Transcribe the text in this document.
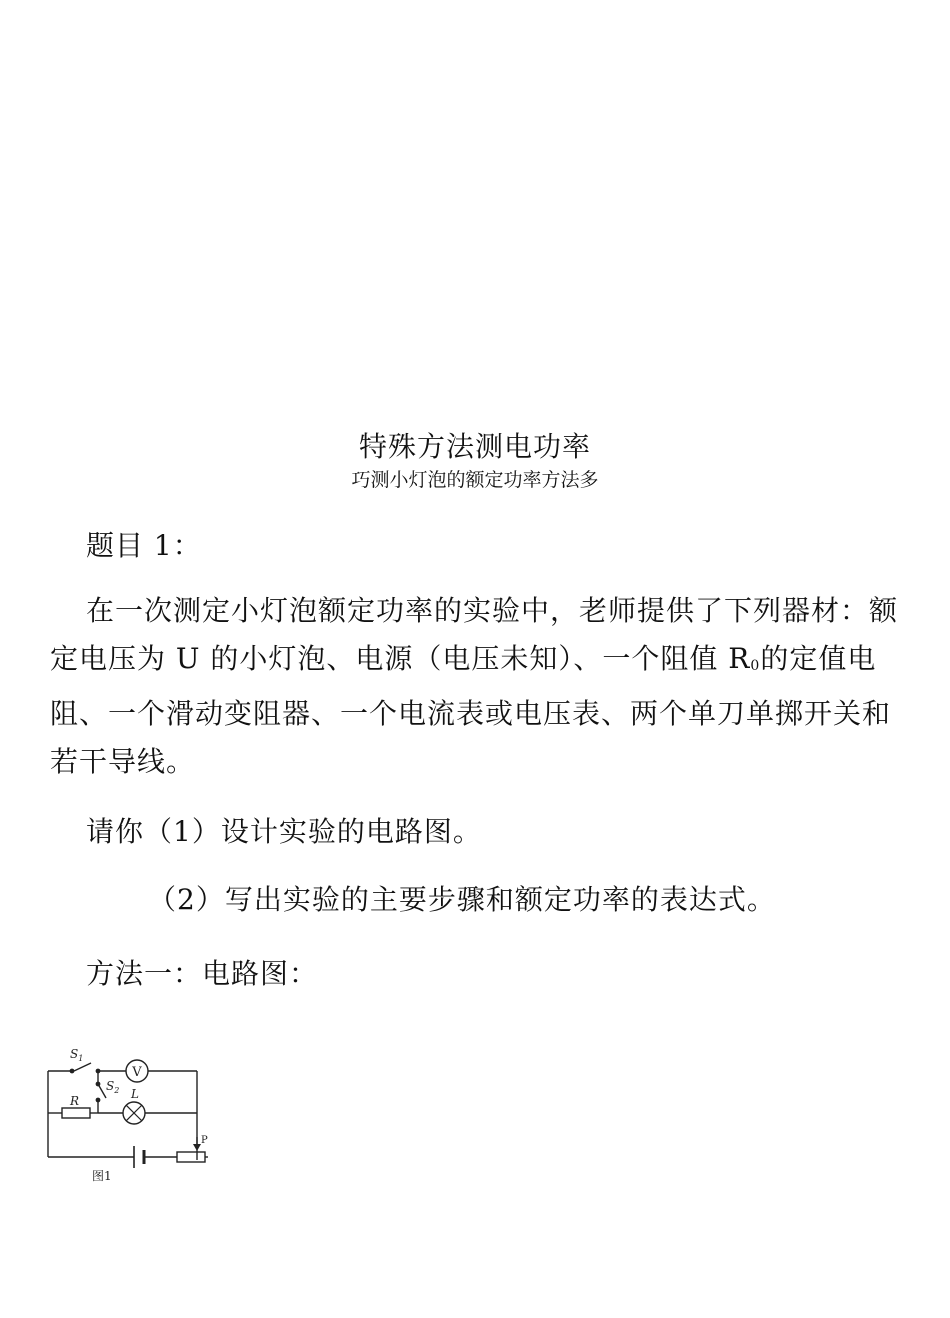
特殊方法测电功率
巧测小灯泡的额定功率方法多
题目 1：
在一次测定小灯泡额定功率的实验中，老师提供了下列器材：额定电压为 U 的小灯泡、电源（电压未知）、一个阻值 R0的定值电阻、一个滑动变阻器、一个电流表或电压表、两个单刀单掷开关和若干导线。
请你（1）设计实验的电路图。
（2）写出实验的主要步骤和额定功率的表达式。
方法一：电路图：
V
$S_1$
$S_2$
R	L
P
图1
